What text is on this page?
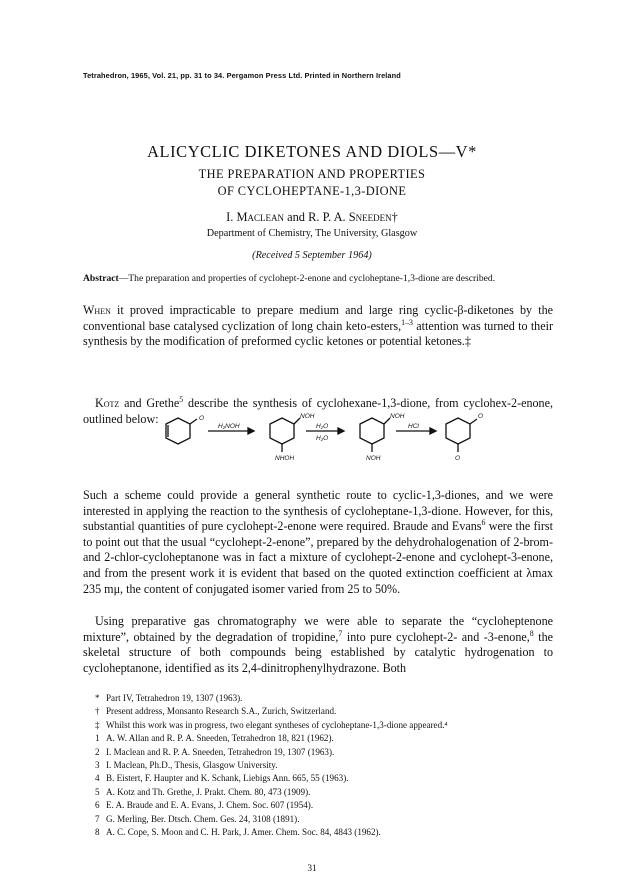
Tetrahedron, 1965, Vol. 21, pp. 31 to 34. Pergamon Press Ltd. Printed in Northern Ireland
ALICYCLIC DIKETONES AND DIOLS—V*
THE PREPARATION AND PROPERTIES
OF CYCLOHEPTANE-1,3-DIONE
I. Maclean and R. P. A. Sneeden†
Department of Chemistry, The University, Glasgow
(Received 5 September 1964)
Abstract—The preparation and properties of cyclohept-2-enone and cycloheptane-1,3-dione are described.

When it proved impracticable to prepare medium and large ring cyclic-β-diketones by the conventional base catalysed cyclization of long chain keto-esters,$^{1-3}$ attention was turned to their synthesis by the modification of preformed cyclic ketones or potential ketones.‡

Kotz and Grethe$^5$ describe the synthesis of cyclohexane-1,3-dione, from cyclohex-2-enone, outlined below:	O
H₂NOH
NOH
NHOH
H₂O
H₂O
NOH
NOH
HCl
O
O

Such a scheme could provide a general synthetic route to cyclic-1,3-diones, and we were interested in applying the reaction to the synthesis of cycloheptane-1,3-dione. However, for this, substantial quantities of pure cyclohept-2-enone were required. Braude and Evans$^6$ were the first to point out that the usual “cyclohept-2-enone”, prepared by the dehydrohalogenation of 2-brom- and 2-chlor-cycloheptanone was in fact a mixture of cyclohept-2-enone and cyclohept-3-enone, and from the present work it is evident that based on the quoted extinction coefficient at λmax 235 mμ, the content of conjugated isomer varied from 25 to 50%.

Using preparative gas chromatography we were able to separate the “cycloheptenone mixture”, obtained by the degradation of tropidine,$^7$ into pure cyclohept-2- and -3-enone,$^8$ the skeletal structure of both compounds being established by catalytic hydrogenation to cycloheptanone, identified as its 2,4-dinitrophenylhydrazone. Both

* Part IV, Tetrahedron 19, 1307 (1963).

† Present address, Monsanto Research S.A., Zurich, Switzerland.

‡ Whilst this work was in progress, two elegant syntheses of cycloheptane-1,3-dione appeared.⁴

1 A. W. Allan and R. P. A. Sneeden, Tetrahedron 18, 821 (1962).

2 I. Maclean and R. P. A. Sneeden, Tetrahedron 19, 1307 (1963).

3 I. Maclean, Ph.D., Thesis, Glasgow University.

4 B. Eistert, F. Haupter and K. Schank, Liebigs Ann. 665, 55 (1963).

5 A. Kotz and Th. Grethe, J. Prakt. Chem. 80, 473 (1909).

6 E. A. Braude and E. A. Evans, J. Chem. Soc. 607 (1954).

7 G. Merling, Ber. Dtsch. Chem. Ges. 24, 3108 (1891).

8 A. C. Cope, S. Moon and C. H. Park, J. Amer. Chem. Soc. 84, 4843 (1962).

31
